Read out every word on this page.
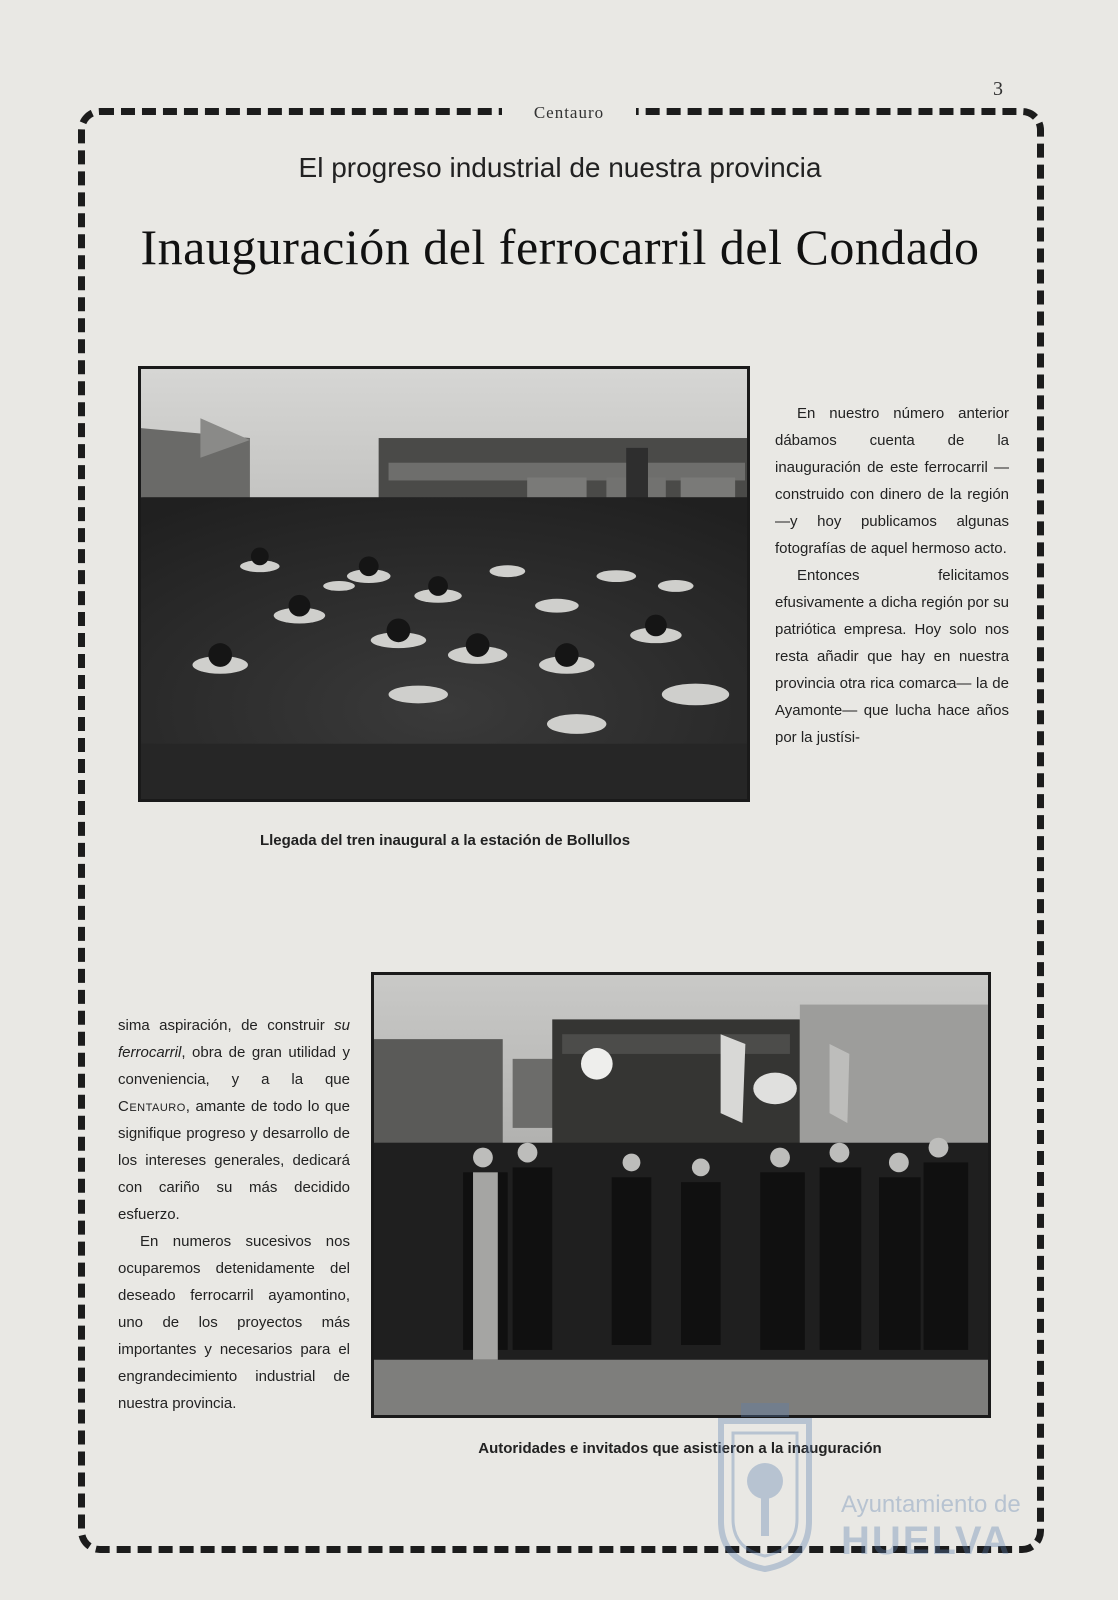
3
Centauro
El progreso industrial de nuestra provincia
Inauguración del ferrocarril del Condado
Llegada del tren inaugural a la estación de Bollullos

En nuestro número anterior dábamos cuenta de la inauguración de este ferrocarril —construido con dinero de la región—y hoy publicamos algunas fotografías de aquel hermoso acto.

Entonces felicitamos efusivamente a dicha región por su patriótica empresa. Hoy solo nos resta añadir que hay en nuestra provincia otra rica comarca— la de Ayamonte— que lucha hace años por la justísi-

Autoridades e invitados que asistieron a la inauguración

sima aspiración, de construir su ferrocarril, obra de gran utilidad y conveniencia, y a la que Centauro, amante de todo lo que signifique progreso y desarrollo de los intereses generales, dedicará con cariño su más decidido esfuerzo.

En numeros sucesivos nos ocuparemos detenidamente del deseado ferrocarril ayamontino, uno de los proyectos más importantes y necesarios para el engrandecimiento industrial de nuestra provincia.

Ayuntamiento de
HUELVA
